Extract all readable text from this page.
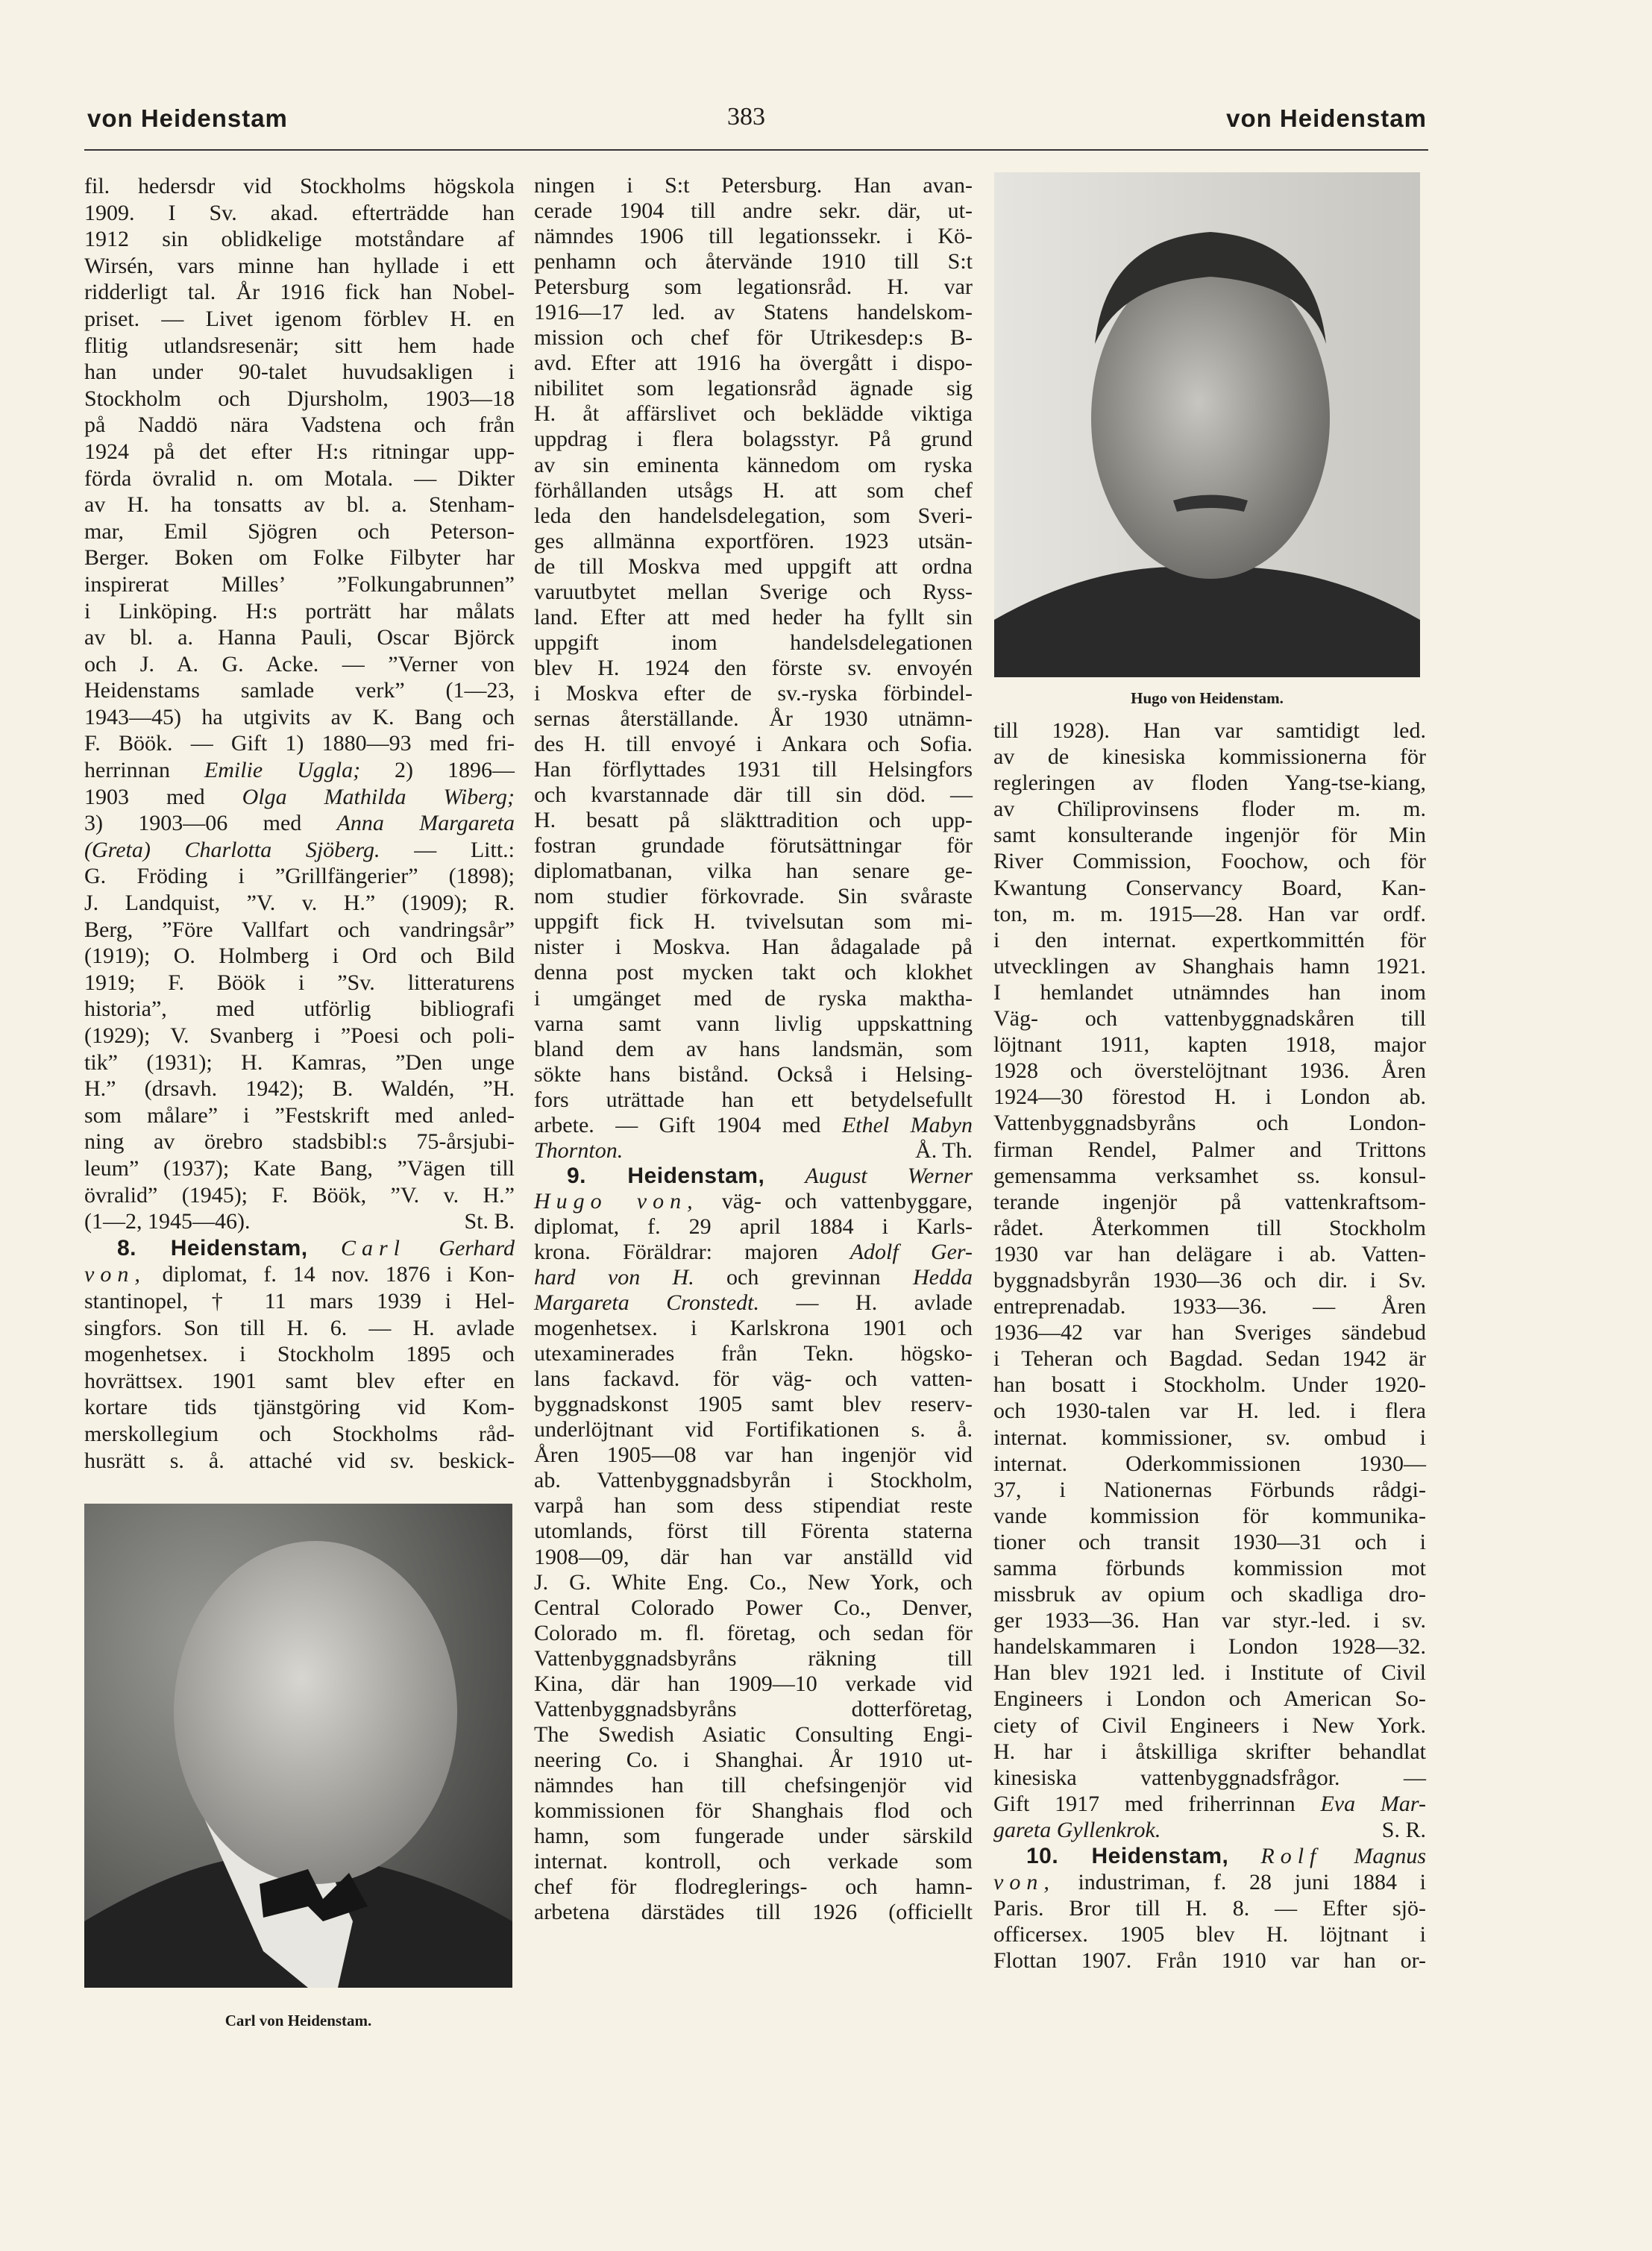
von Heidenstam	383	von Heidenstam
fil. hedersdr vid Stockholms högskola
1909. I Sv. akad. efterträdde han
1912 sin oblidkelige motståndare af
Wirsén, vars minne han hyllade i ett
ridderligt tal. År 1916 fick han Nobel-
priset. — Livet igenom förblev H. en
flitig utlandsresenär; sitt hem hade
han under 90-talet huvudsakligen i
Stockholm och Djursholm, 1903—18
på Naddö nära Vadstena och från
1924 på det efter H:s ritningar upp-
förda övralid n. om Motala. — Dikter
av H. ha tonsatts av bl. a. Stenham-
mar, Emil Sjögren och Peterson-
Berger. Boken om Folke Filbyter har
inspirerat Milles’ ”Folkungabrunnen”
i Linköping. H:s porträtt har målats
av bl. a. Hanna Pauli, Oscar Björck
och J. A. G. Acke. — ”Verner von
Heidenstams samlade verk” (1—23,
1943—45) ha utgivits av K. Bang och
F. Böök. — Gift 1) 1880—93 med fri-
herrinnan Emilie Uggla; 2) 1896—
1903 med Olga Mathilda Wiberg;
3) 1903—06 med Anna Margareta
(Greta) Charlotta Sjöberg. — Litt.:
G. Fröding i ”Grillfängerier” (1898);
J. Landquist, ”V. v. H.” (1909); R.
Berg, ”Före Vallfart och vandringsår”
(1919); O. Holmberg i Ord och Bild
1919; F. Böök i ”Sv. litteraturens
historia”, med utförlig bibliografi
(1929); V. Svanberg i ”Poesi och poli-
tik” (1931); H. Kamras, ”Den unge
H.” (drsavh. 1942); B. Waldén, ”H.
som målare” i ”Festskrift med anled-
ning av örebro stadsbibl:s 75-årsjubi-
leum” (1937); Kate Bang, ”Vägen till
övralid” (1945); F. Böök, ”V. v. H.”
(1—2, 1945—46).	St. B.
8. Heidenstam, Carl Gerhard
von, diplomat, f. 14 nov. 1876 i Kon-
stantinopel, † 11 mars 1939 i Hel-
singfors. Son till H. 6. — H. avlade
mogenhetsex. i Stockholm 1895 och
hovrättsex. 1901 samt blev efter en
kortare tids tjänstgöring vid Kom-
merskollegium och Stockholms råd-
husrätt s. å. attaché vid sv. beskick-
ningen i S:t Petersburg. Han avan-
cerade 1904 till andre sekr. där, ut-
nämndes 1906 till legationssekr. i Kö-
penhamn och återvände 1910 till S:t
Petersburg som legationsråd. H. var
1916—17 led. av Statens handelskom-
mission och chef för Utrikesdep:s B-
avd. Efter att 1916 ha övergått i dispo-
nibilitet som legationsråd ägnade sig
H. åt affärslivet och beklädde viktiga
uppdrag i flera bolagsstyr. På grund
av sin eminenta kännedom om ryska
förhållanden utsågs H. att som chef
leda den handelsdelegation, som Sveri-
ges allmänna exportfören. 1923 utsän-
de till Moskva med uppgift att ordna
varuutbytet mellan Sverige och Ryss-
land. Efter att med heder ha fyllt sin
uppgift inom handelsdelegationen
blev H. 1924 den förste sv. envoyén
i Moskva efter de sv.-ryska förbindel-
sernas återställande. År 1930 utnämn-
des H. till envoyé i Ankara och Sofia.
Han förflyttades 1931 till Helsingfors
och kvarstannade där till sin död. —
H. besatt på släkttradition och upp-
fostran grundade förutsättningar för
diplomatbanan, vilka han senare ge-
nom studier förkovrade. Sin svåraste
uppgift fick H. tvivelsutan som mi-
nister i Moskva. Han ådagalade på
denna post mycken takt och klokhet
i umgänget med de ryska maktha-
varna samt vann livlig uppskattning
bland dem av hans landsmän, som
sökte hans bistånd. Också i Helsing-
fors uträttade han ett betydelsefullt
arbete. — Gift 1904 med Ethel Mabyn
Thornton.	Å. Th.
9. Heidenstam, August Werner
Hugo von, väg- och vattenbyggare,
diplomat, f. 29 april 1884 i Karls-
krona. Föräldrar: majoren Adolf Ger-
hard von H. och grevinnan Hedda
Margareta Cronstedt. — H. avlade
mogenhetsex. i Karlskrona 1901 och
utexaminerades från Tekn. högsko-
lans fackavd. för väg- och vatten-
byggnadskonst 1905 samt blev reserv-
underlöjtnant vid Fortifikationen s. å.
Åren 1905—08 var han ingenjör vid
ab. Vattenbyggnadsbyrån i Stockholm,
varpå han som dess stipendiat reste
utomlands, först till Förenta staterna
1908—09, där han var anställd vid
J. G. White Eng. Co., New York, och
Central Colorado Power Co., Denver,
Colorado m. fl. företag, och sedan för
Vattenbyggnadsbyråns räkning till
Kina, där han 1909—10 verkade vid
Vattenbyggnadsbyråns dotterföretag,
The Swedish Asiatic Consulting Engi-
neering Co. i Shanghai. År 1910 ut-
nämndes han till chefsingenjör vid
kommissionen för Shanghais flod och
hamn, som fungerade under särskild
internat. kontroll, och verkade som
chef för flodreglerings- och hamn-
arbetena därstädes till 1926 (officiellt
till 1928). Han var samtidigt led.
av de kinesiska kommissionerna för
regleringen av floden Yang-tse-kiang,
av Chïliprovinsens floder m. m.
samt konsulterande ingenjör för Min
River Commission, Foochow, och för
Kwantung Conservancy Board, Kan-
ton, m. m. 1915—28. Han var ordf.
i den internat. expertkommittén för
utvecklingen av Shanghais hamn 1921.
I hemlandet utnämndes han inom
Väg- och vattenbyggnadskåren till
löjtnant 1911, kapten 1918, major
1928 och överstelöjtnant 1936. Åren
1924—30 förestod H. i London ab.
Vattenbyggnadsbyråns och London-
firman Rendel, Palmer and Trittons
gemensamma verksamhet ss. konsul-
terande ingenjör på vattenkraftsom-
rådet. Återkommen till Stockholm
1930 var han delägare i ab. Vatten-
byggnadsbyrån 1930—36 och dir. i Sv.
entreprenadab. 1933—36. — Åren
1936—42 var han Sveriges sändebud
i Teheran och Bagdad. Sedan 1942 är
han bosatt i Stockholm. Under 1920-
och 1930-talen var H. led. i flera
internat. kommissioner, sv. ombud i
internat. Oderkommissionen 1930—
37, i Nationernas Förbunds rådgi-
vande kommission för kommunika-
tioner och transit 1930—31 och i
samma förbunds kommission mot
missbruk av opium och skadliga dro-
ger 1933—36. Han var styr.-led. i sv.
handelskammaren i London 1928—32.
Han blev 1921 led. i Institute of Civil
Engineers i London och American So-
ciety of Civil Engineers i New York.
H. har i åtskilliga skrifter behandlat
kinesiska vattenbyggnadsfrågor. —
Gift 1917 med friherrinnan Eva Mar-
gareta Gyllenkrok.	S. R.
10. Heidenstam, Rolf Magnus
von, industriman, f. 28 juni 1884 i
Paris. Bror till H. 8. — Efter sjö-
officersex. 1905 blev H. löjtnant i
Flottan 1907. Från 1910 var han or-
Carl von Heidenstam.
Hugo von Heidenstam.
